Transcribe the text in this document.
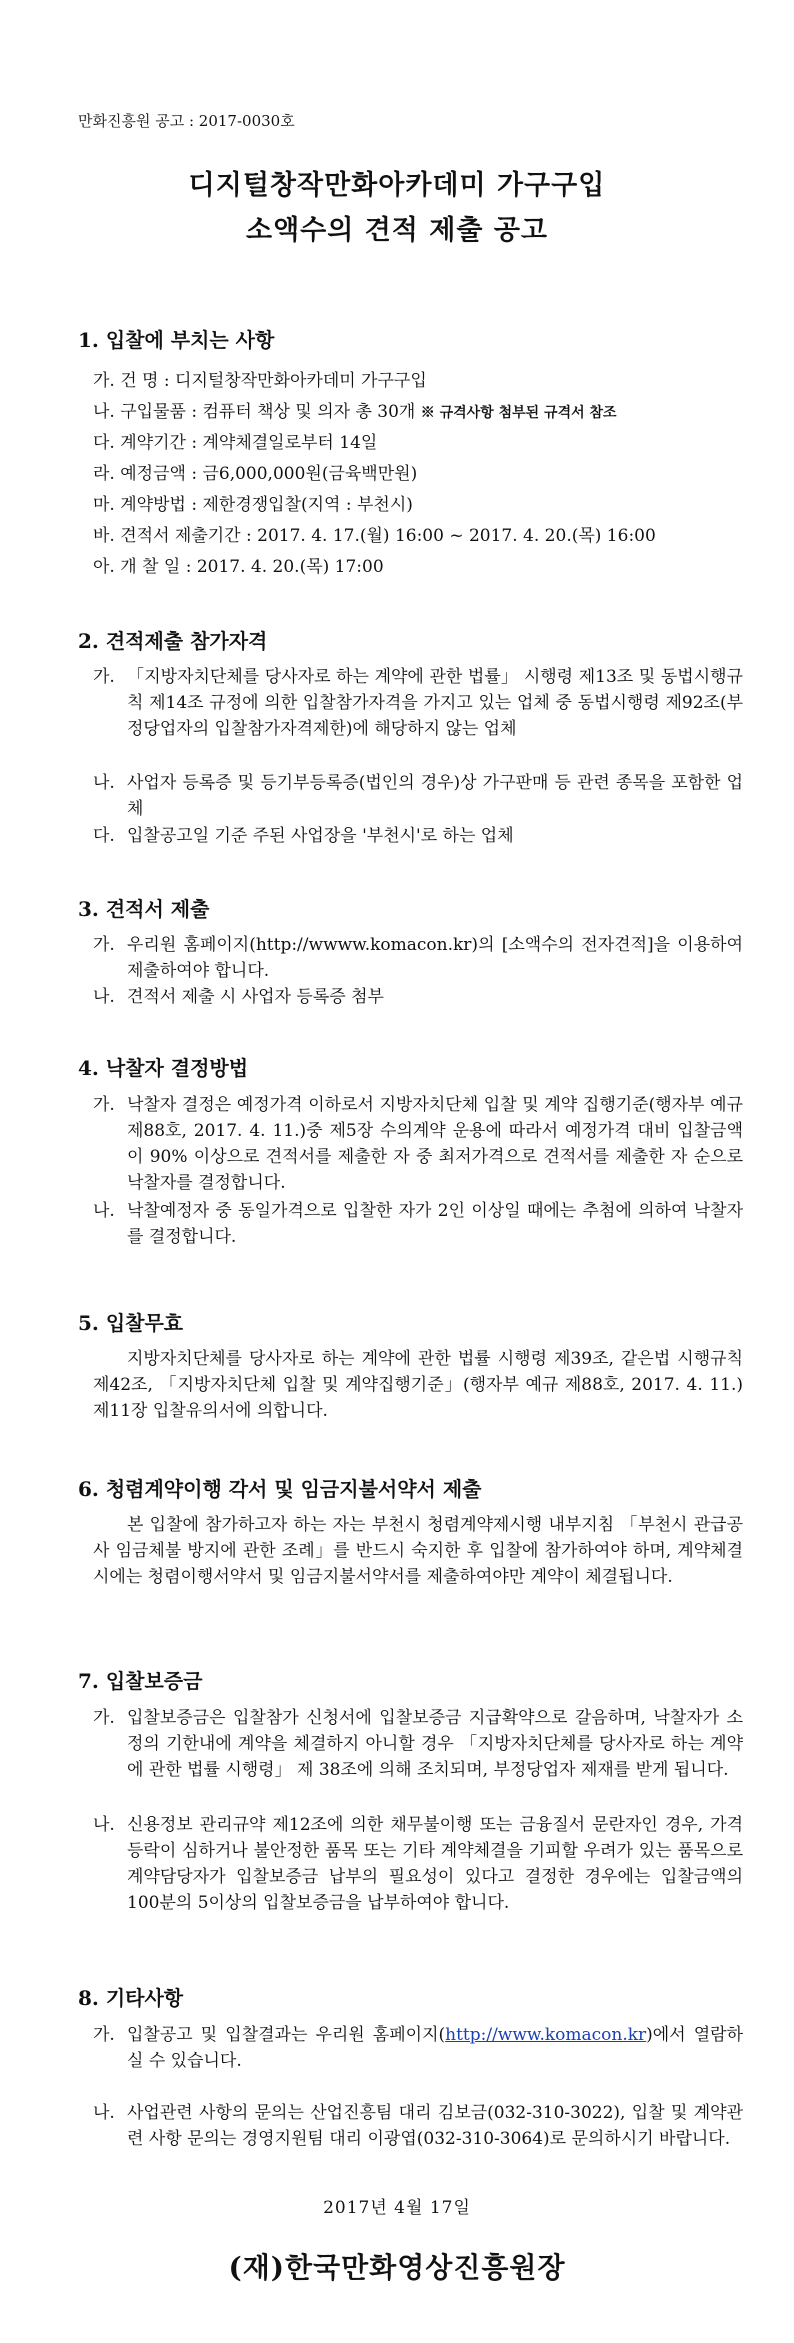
만화진흥원 공고 : 2017-0030호
디지털창작만화아카데미 가구구입
소액수의 견적 제출 공고
1. 입찰에 부치는 사항
가. 건 명 : 디지털창작만화아카데미 가구구입
나. 구입물품 : 컴퓨터 책상 및 의자 총 30개 ※ 규격사항 첨부된 규격서 참조
다. 계약기간 : 계약체결일로부터 14일
라. 예정금액 : 금6,000,000원(금육백만원)
마. 계약방법 : 제한경쟁입찰(지역 : 부천시)
바. 견적서 제출기간 : 2017. 4. 17.(월) 16:00 ~ 2017. 4. 20.(목) 16:00
아. 개 찰 일 : 2017. 4. 20.(목) 17:00
2. 견적제출 참가자격
가. 「지방자치단체를 당사자로 하는 계약에 관한 법률」 시행령 제13조 및 동법시행규칙 제14조 규정에 의한 입찰참가자격을 가지고 있는 업체 중 동법시행령 제92조(부정당업자의 입찰참가자격제한)에 해당하지 않는 업체
나. 사업자 등록증 및 등기부등록증(법인의 경우)상 가구판매 등 관련 종목을 포함한 업체
다. 입찰공고일 기준 주된 사업장을 '부천시'로 하는 업체
3. 견적서 제출
가. 우리원 홈페이지(http://wwww.komacon.kr)의 [소액수의 전자견적]을 이용하여 제출하여야 합니다.
나. 견적서 제출 시 사업자 등록증 첨부
4. 낙찰자 결정방법
가. 낙찰자 결정은 예정가격 이하로서 지방자치단체 입찰 및 계약 집행기준(행자부 예규 제88호, 2017. 4. 11.)중 제5장 수의계약 운용에 따라서 예정가격 대비 입찰금액이 90% 이상으로 견적서를 제출한 자 중 최저가격으로 견적서를 제출한 자 순으로 낙찰자를 결정합니다.
나. 낙찰예정자 중 동일가격으로 입찰한 자가 2인 이상일 때에는 추첨에 의하여 낙찰자를 결정합니다.
5. 입찰무효
지방자치단체를 당사자로 하는 계약에 관한 법률 시행령 제39조, 같은법 시행규칙 제42조, 「지방자치단체 입찰 및 계약집행기준」(행자부 예규 제88호, 2017. 4. 11.) 제11장 입찰유의서에 의합니다.
6. 청렴계약이행 각서 및 임금지불서약서 제출
본 입찰에 참가하고자 하는 자는 부천시 청렴계약제시행 내부지침 「부천시 관급공사 임금체불 방지에 관한 조례」를 반드시 숙지한 후 입찰에 참가하여야 하며, 계약체결 시에는 청렴이행서약서 및 임금지불서약서를 제출하여야만 계약이 체결됩니다.
7. 입찰보증금
가. 입찰보증금은 입찰참가 신청서에 입찰보증금 지급확약으로 갈음하며, 낙찰자가 소정의 기한내에 계약을 체결하지 아니할 경우 「지방자치단체를 당사자로 하는 계약에 관한 법률 시행령」 제 38조에 의해 조치되며, 부정당업자 제재를 받게 됩니다.
나. 신용정보 관리규약 제12조에 의한 채무불이행 또는 금융질서 문란자인 경우, 가격 등락이 심하거나 불안정한 품목 또는 기타 계약체결을 기피할 우려가 있는 품목으로 계약담당자가 입찰보증금 납부의 필요성이 있다고 결정한 경우에는 입찰금액의 100분의 5이상의 입찰보증금을 납부하여야 합니다.
8. 기타사항
가. 입찰공고 및 입찰결과는 우리원 홈페이지(http://www.komacon.kr)에서 열람하실 수 있습니다.
나. 사업관련 사항의 문의는 산업진흥팀 대리 김보금(032-310-3022), 입찰 및 계약관련 사항 문의는 경영지원팀 대리 이광엽(032-310-3064)로 문의하시기 바랍니다.
2017년 4월 17일
(재)한국만화영상진흥원장
